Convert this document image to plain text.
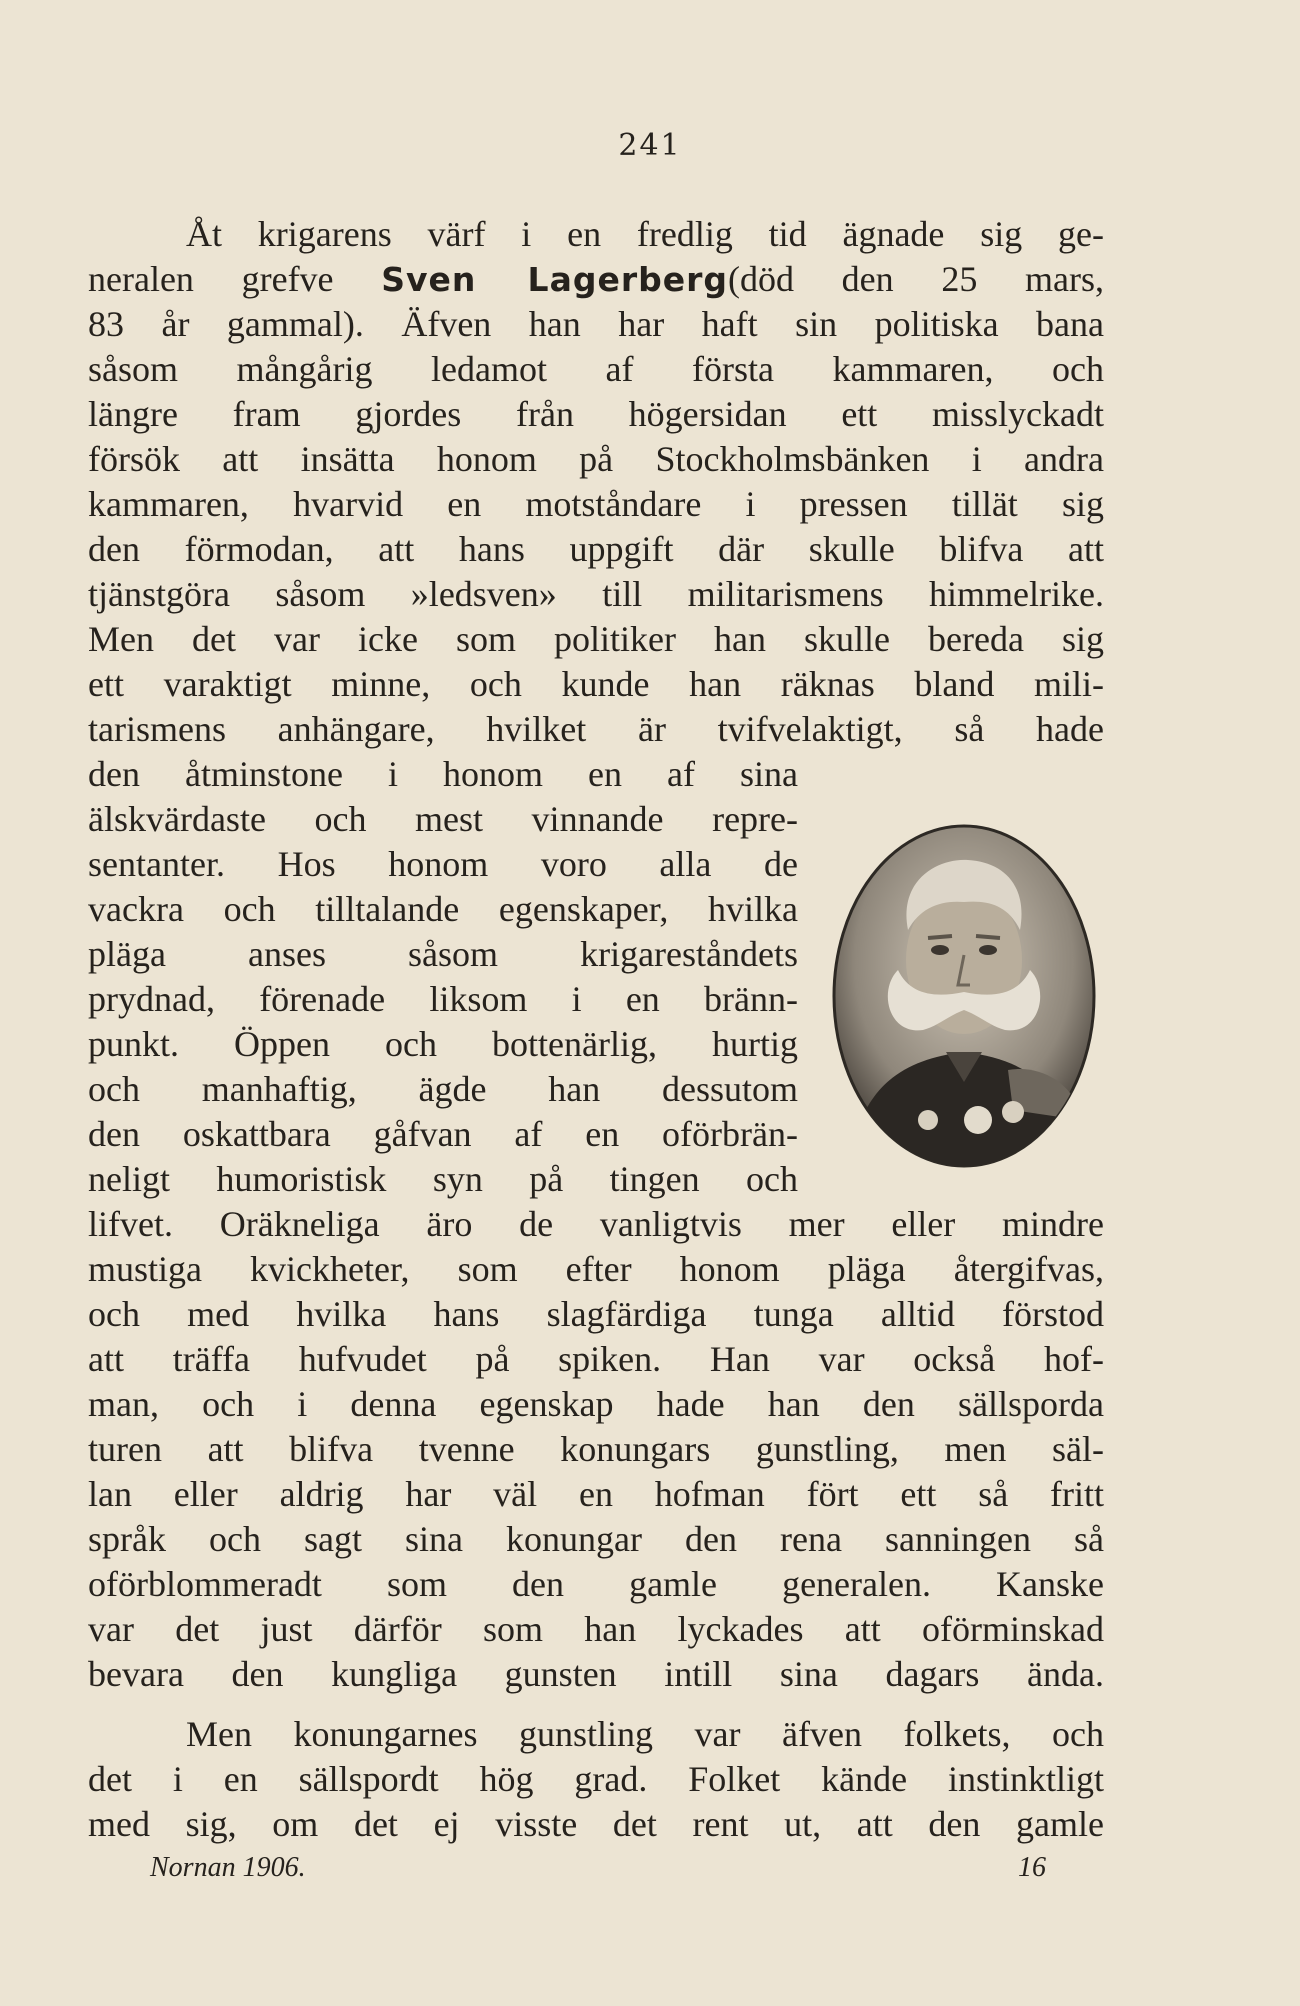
241
Åt krigarens värf i en fredlig tid ägnade sig ge-
neralen grefve Sven Lagerberg(död den 25 mars,
83 år gammal). Äfven han har haft sin politiska bana
såsom mångårig ledamot af första kammaren, och
längre fram gjordes från högersidan ett misslyckadt
försök att insätta honom på Stockholmsbänken i andra
kammaren, hvarvid en motståndare i pressen tillät sig
den förmodan, att hans uppgift där skulle blifva att
tjänstgöra såsom »ledsven» till militarismens himmelrike.
Men det var icke som politiker han skulle bereda sig
ett varaktigt minne, och kunde han räknas bland mili-
tarismens anhängare, hvilket är tvifvelaktigt, så hade
den åtminstone i honom en af sina
älskvärdaste och mest vinnande repre-
sentanter. Hos honom voro alla de
vackra och tilltalande egenskaper, hvilka
pläga anses såsom krigareståndets
prydnad, förenade liksom i en bränn-
punkt. Öppen och bottenärlig, hurtig
och manhaftig, ägde han dessutom
den oskattbara gåfvan af en oförbrän-
neligt humoristisk syn på tingen och
lifvet. Oräkneliga äro de vanligtvis mer eller mindre
mustiga kvickheter, som efter honom pläga återgifvas,
och med hvilka hans slagfärdiga tunga alltid förstod
att träffa hufvudet på spiken. Han var också hof-
man, och i denna egenskap hade han den sällsporda
turen att blifva tvenne konungars gunstling, men säl-
lan eller aldrig har väl en hofman fört ett så fritt
språk och sagt sina konungar den rena sanningen så
oförblommeradt som den gamle generalen. Kanske
var det just därför som han lyckades att oförminskad
bevara den kungliga gunsten intill sina dagars ända.
Men konungarnes gunstling var äfven folkets, och
det i en sällspordt hög grad. Folket kände instinktligt
med sig, om det ej visste det rent ut, att den gamle
Nornan 1906.	16
